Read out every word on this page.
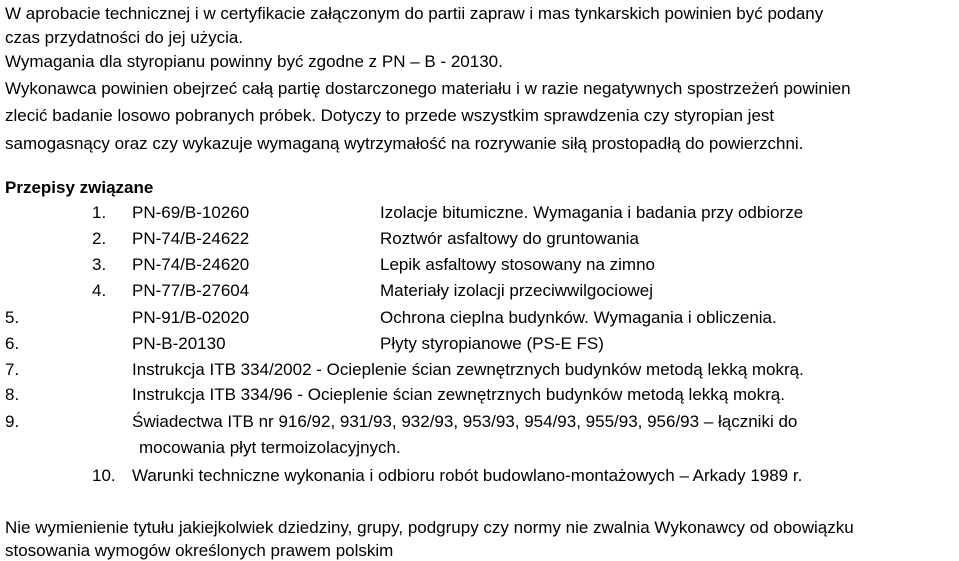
W aprobacie technicznej i w certyfikacie załączonym do partii zapraw i mas tynkarskich powinien być podany
czas przydatności do jej użycia.
Wymagania dla styropianu powinny być zgodne z PN – B - 20130.
Wykonawca powinien obejrzeć całą partię dostarczonego materiału i w razie negatywnych spostrzeżeń powinien
zlecić badanie losowo pobranych próbek. Dotyczy to przede wszystkim sprawdzenia czy styropian jest
samogasnący oraz czy wykazuje wymaganą wytrzymałość na rozrywanie siłą prostopadłą do powierzchni.
Przepisy związane
1. PN-69/B-10260	Izolacje bitumiczne. Wymagania i badania przy odbiorze
2. PN-74/B-24622	Roztwór asfaltowy do gruntowania
3. PN-74/B-24620	Lepik asfaltowy stosowany na zimno
4. PN-77/B-27604	Materiały izolacji przeciwwilgociowej
5.	PN-91/B-02020	Ochrona cieplna budynków. Wymagania i obliczenia.
6.	PN-B-20130	Płyty styropianowe (PS-E FS)
7.	Instrukcja ITB 334/2002 - Ocieplenie ścian zewnętrznych budynków metodą lekką mokrą.
8.	Instrukcja ITB 334/96 - Ocieplenie ścian zewnętrznych budynków metodą lekką mokrą.
9.	Świadectwa ITB nr 916/92, 931/93, 932/93, 953/93, 954/93, 955/93, 956/93 – łączniki do
mocowania płyt termoizolacyjnych.
10. Warunki techniczne wykonania i odbioru robót budowlano-montażowych – Arkady 1989 r.
Nie wymienienie tytułu jakiejkolwiek dziedziny, grupy, podgrupy czy normy nie zwalnia Wykonawcy od obowiązku
stosowania wymogów określonych prawem polskim
